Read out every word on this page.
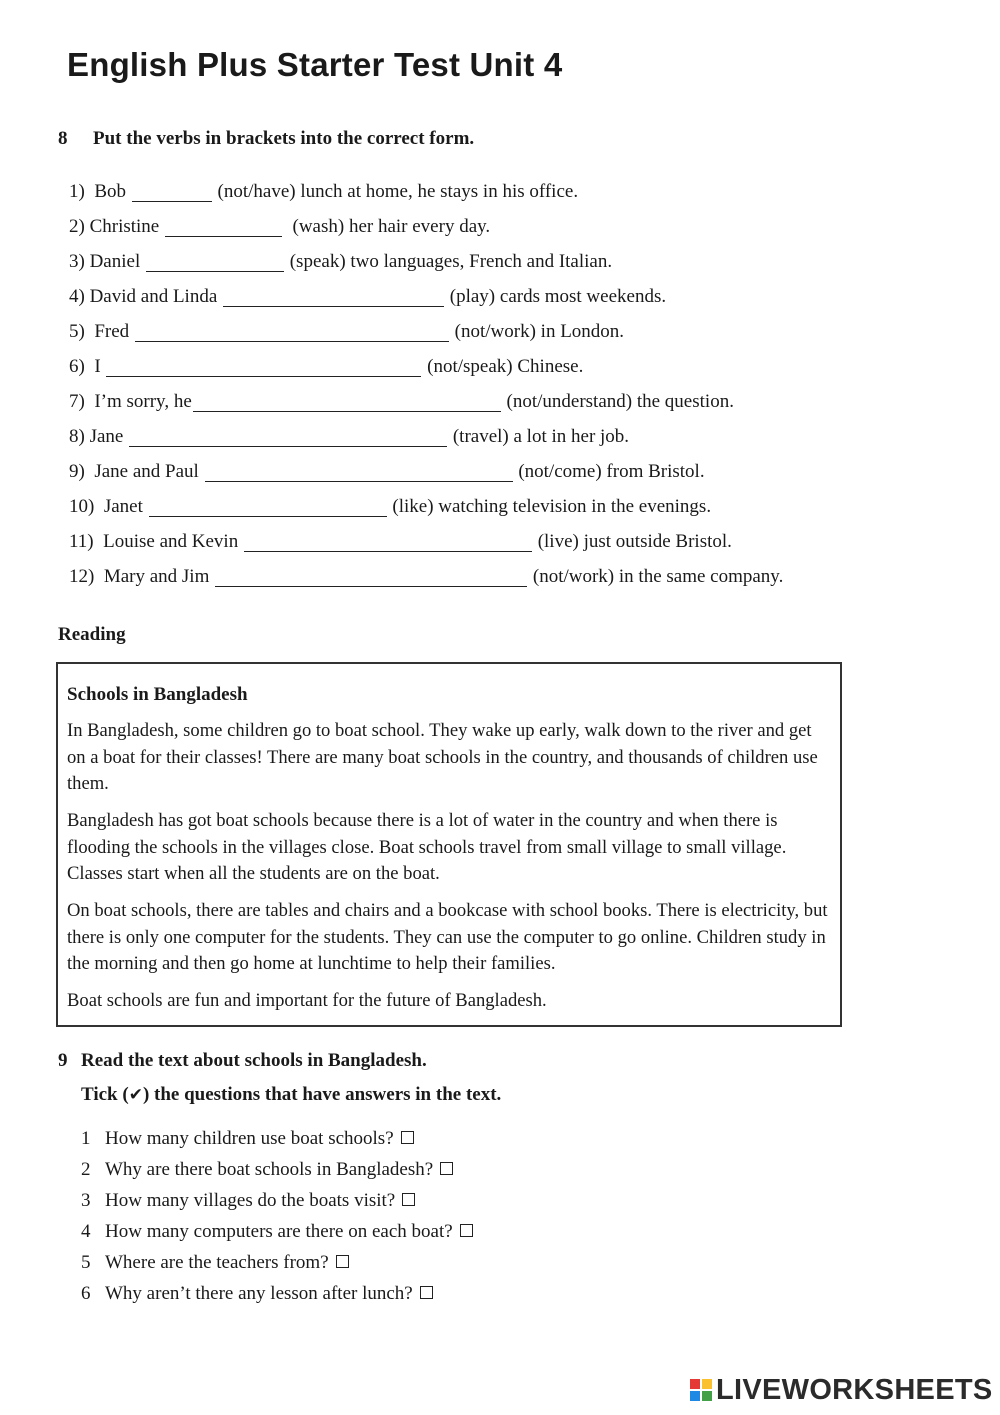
English Plus Starter Test Unit 4
8 Put the verbs in brackets into the correct form.
1) Bob	(not/have) lunch at home, he stays in his office.
2) Christine	(wash) her hair every day.
3) Daniel	(speak) two languages, French and Italian.
4) David and Linda	(play) cards most weekends.
5) Fred	(not/work) in London.
6) I	(not/speak) Chinese.
7) I’m sorry, he	(not/understand) the question.
8) Jane	(travel) a lot in her job.
9) Jane and Paul	(not/come) from Bristol.
10) Janet	(like) watching television in the evenings.
11) Louise and Kevin	(live) just outside Bristol.
12) Mary and Jim	(not/work) in the same company.
Reading
Schools in Bangladesh

In Bangladesh, some children go to boat school. They wake up early, walk down to the river and get on a boat for their classes! There are many boat schools in the country, and thousands of children use them.

Bangladesh has got boat schools because there is a lot of water in the country and when there is flooding the schools in the villages close. Boat schools travel from small village to small village. Classes start when all the students are on the boat.

On boat schools, there are tables and chairs and a bookcase with school books. There is electricity, but there is only one computer for the students. They can use the computer to go online. Children study in the morning and then go home at lunchtime to help their families.

Boat schools are fun and important for the future of Bangladesh.

9 Read the text about schools in Bangladesh.
Tick (✔) the questions that have answers in the text.
1 How many children use boat schools?
2 Why are there boat schools in Bangladesh?
3 How many villages do the boats visit?
4 How many computers are there on each boat?
5 Where are the teachers from?
6 Why aren’t there any lesson after lunch?
LIVEWORKSHEETS
